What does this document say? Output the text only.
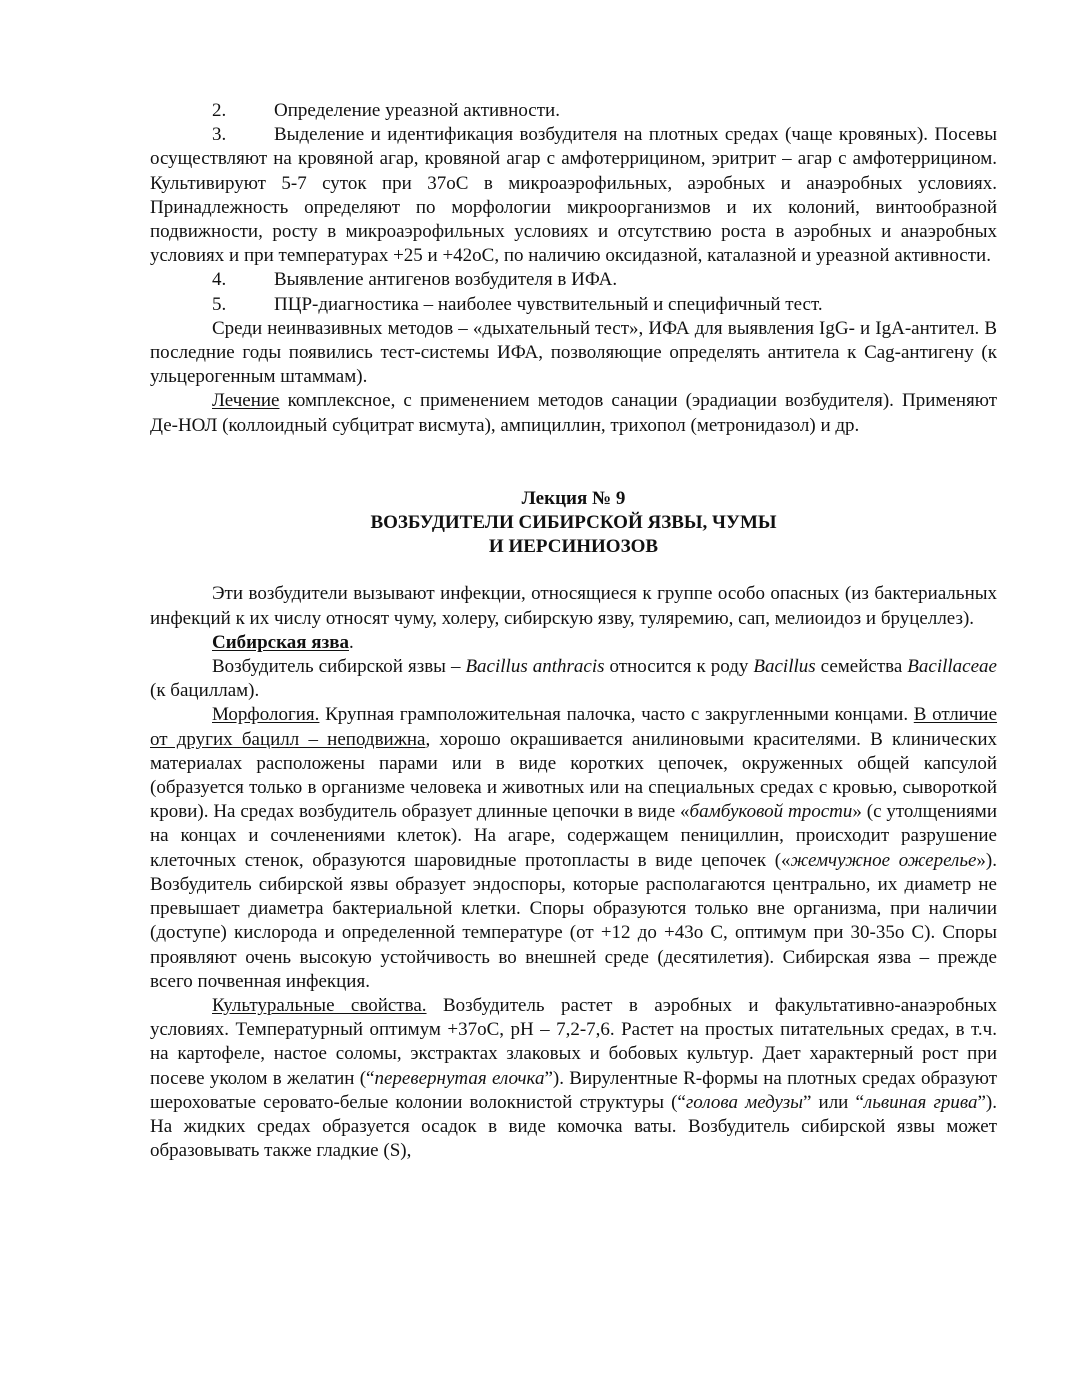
2.	Определение уреазной активности.

3.	Выделение и идентификация возбудителя на плотных средах (чаще кровяных). Посевы осуществляют на кровяной агар, кровяной агар с амфотеррицином, эритрит – агар с амфотеррицином. Культивируют 5-7 суток при 37оС в микроаэрофильных, аэробных и анаэробных условиях. Принадлежность определяют по морфологии микроорганизмов и их колоний, винтообразной подвижности, росту в микроаэрофильных условиях и отсутствию роста в аэробных и анаэробных условиях и при температурах +25 и +42оС, по наличию оксидазной, каталазной и уреазной активности.

4.	Выявление антигенов возбудителя в ИФА.

5.	ПЦР-диагностика – наиболее чувствительный и специфичный тест.

Среди неинвазивных методов – «дыхательный тест», ИФА для выявления IgG- и IgA-антител. В последние годы появились тест-системы ИФА, позволяющие определять антитела к Cag-антигену (к ульцерогенным штаммам).

Лечение комплексное, с применением методов санации (эрадиации возбудителя). Применяют Де-НОЛ (коллоидный субцитрат висмута), ампициллин, трихопол (метронидазол) и др.

Лекция № 9

ВОЗБУДИТЕЛИ СИБИРСКОЙ ЯЗВЫ, ЧУМЫ

И ИЕРСИНИОЗОВ

Эти возбудители вызывают инфекции, относящиеся к группе особо опасных (из бактериальных инфекций к их числу относят чуму, холеру, сибирскую язву, туляремию, сап, мелиоидоз и бруцеллез).

Сибирская язва.

Возбудитель сибирской язвы – Bacillus anthracis относится к роду Bacillus семейства Bacillaceae (к бациллам).

Морфология. Крупная грамположительная палочка, часто с закругленными концами. В отличие от других бацилл – неподвижна, хорошо окрашивается анилиновыми красителями. В клинических материалах расположены парами или в виде коротких цепочек, окруженных общей капсулой (образуется только в организме человека и животных или на специальных средах с кровью, сывороткой крови). На средах возбудитель образует длинные цепочки в виде «бамбуковой трости» (с утолщениями на концах и сочленениями клеток). На агаре, содержащем пенициллин, происходит разрушение клеточных стенок, образуются шаровидные протопласты в виде цепочек («жемчужное ожерелье»). Возбудитель сибирской язвы образует эндоспоры, которые располагаются центрально, их диаметр не превышает диаметра бактериальной клетки. Споры образуются только вне организма, при наличии (доступе) кислорода и определенной температуре (от +12 до +43о С, оптимум при 30-35о С). Споры проявляют очень высокую устойчивость во внешней среде (десятилетия). Сибирская язва – прежде всего почвенная инфекция.

Культуральные свойства. Возбудитель растет в аэробных и факультативно-анаэробных условиях. Температурный оптимум +37оС, рН – 7,2-7,6. Растет на простых питательных средах, в т.ч. на картофеле, настое соломы, экстрактах злаковых и бобовых культур. Дает характерный рост при посеве уколом в желатин (“перевернутая елочка”). Вирулентные R-формы на плотных средах образуют шероховатые серовато-белые колонии волокнистой структуры (“голова медузы” или “львиная грива”). На жидких средах образуется осадок в виде комочка ваты. Возбудитель сибирской язвы может образовывать также гладкие (S),
